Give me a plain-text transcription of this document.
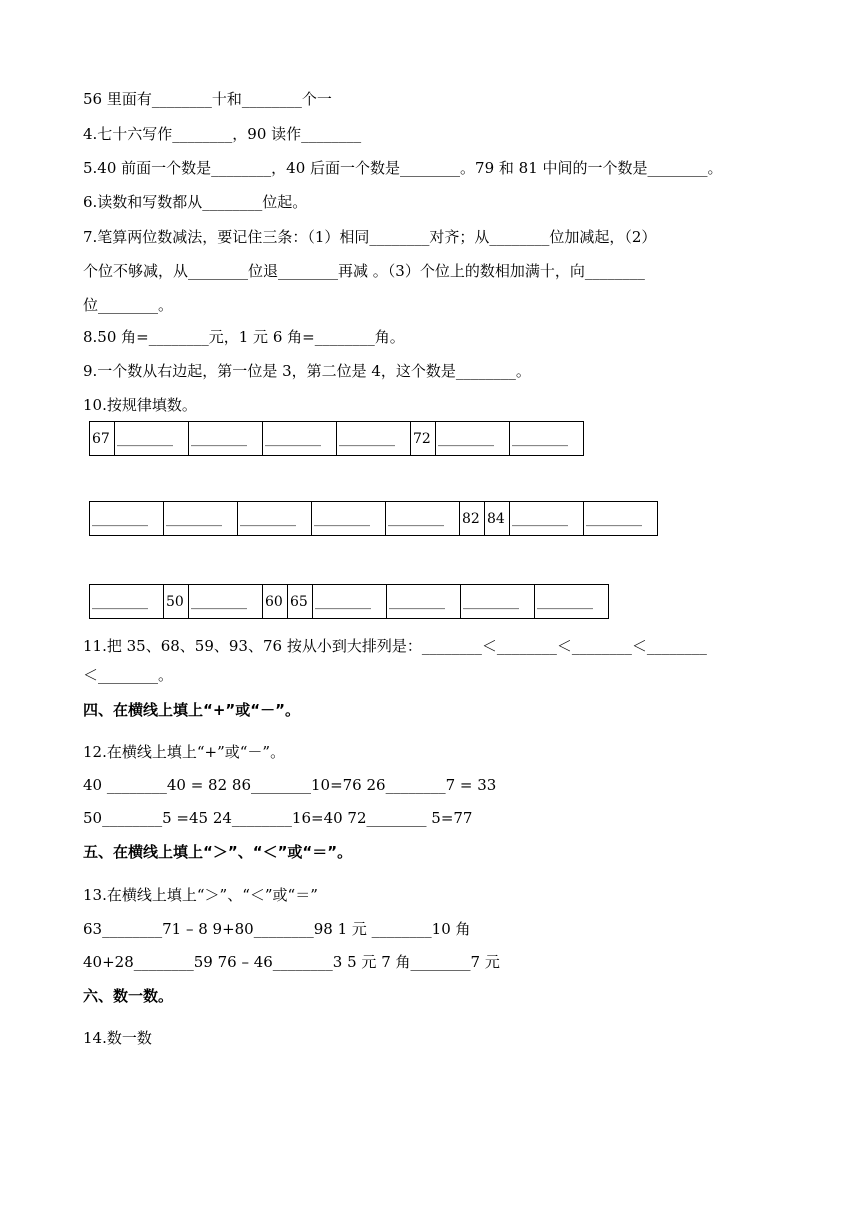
56 里面有________十和________个一
4.七十六写作________，90 读作________
5.40 前面一个数是________，40 后面一个数是________。79 和 81 中间的一个数是________。
6.读数和写数都从________位起。
7.笔算两位数减法，要记住三条：（1）相同________对齐；从________位加减起，（2）
个位不够减，从________位退________再减 。（3）个位上的数相加满十，向________
位________。
8.50 角=________元，1 元 6 角=________角。
9.一个数从右边起，第一位是 3，第二位是 4，这个数是________。
10.按规律填数。
67	________	________	________	________	72	________	________
________	________	________	________	________	82	84	________	________
________	50	________	60	65	________	________	________	________
11.把 35、68、59、93、76 按从小到大排列是：________＜________＜________＜________
＜________。
四、在横线上填上“+”或“－”。
12.在横线上填上“+”或“－”。
40 ________40 = 82 86________10=76 26________7 = 33
50________5 =45 24________16=40 72________ 5=77
五、在横线上填上“＞”、“＜”或“＝”。
13.在横线上填上“＞”、“＜”或“＝”
63________71 – 8 9+80________98 1 元 ________10 角
40+28________59 76 – 46________3 5 元 7 角________7 元
六、数一数。
14.数一数
